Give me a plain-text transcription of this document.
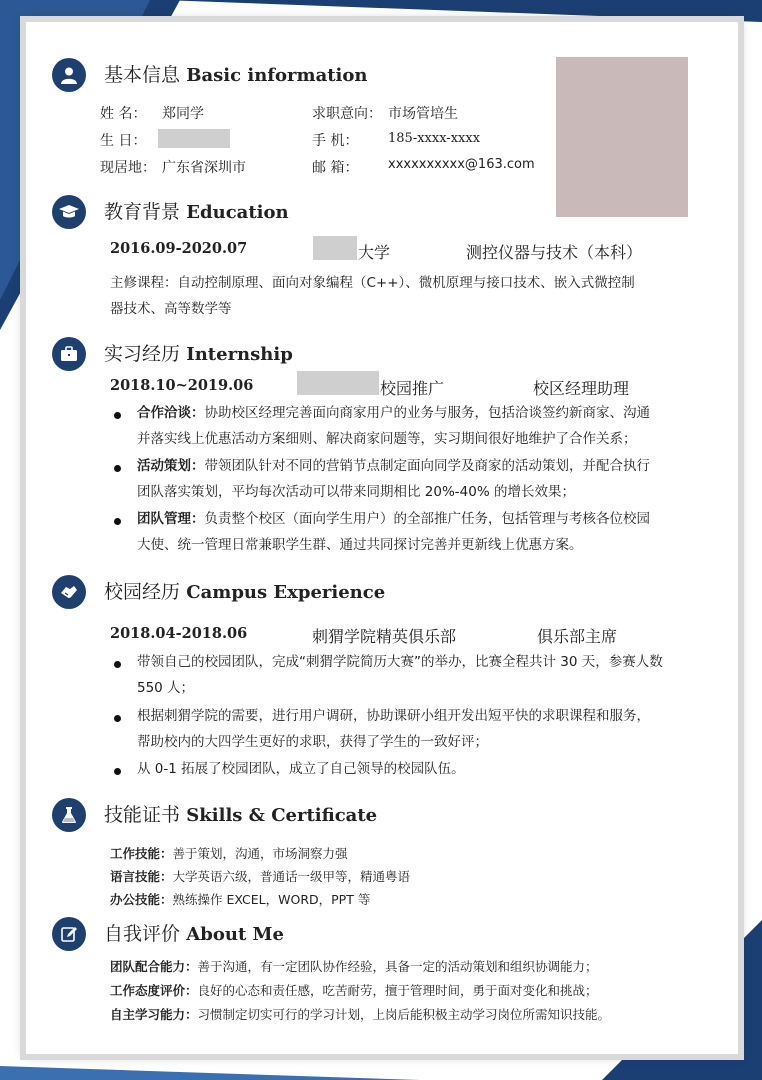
基本信息 Basic information
姓 名： 郑同学
生 日：
现居地： 广东省深圳市
求职意向： 市场管培生
手 机： 185-xxxx-xxxx
邮 箱： xxxxxxxxxx@163.com
教育背景 Education
2016.09-2020.07	大学	测控仪器与技术（本科）
主修课程：自动控制原理、面向对象编程（C++）、微机原理与接口技术、嵌入式微控制
器技术、高等数学等
实习经历 Internship
2018.10~2019.06	校园推广	校区经理助理
合作洽谈：协助校区经理完善面向商家用户的业务与服务，包括洽谈签约新商家、沟通
并落实线上优惠活动方案细则、解决商家问题等，实习期间很好地维护了合作关系；
活动策划：带领团队针对不同的营销节点制定面向同学及商家的活动策划，并配合执行
团队落实策划，平均每次活动可以带来同期相比 20%-40% 的增长效果；
团队管理：负责整个校区（面向学生用户）的全部推广任务，包括管理与考核各位校园
大使、统一管理日常兼职学生群、通过共同探讨完善并更新线上优惠方案。
校园经历 Campus Experience
2018.04-2018.06	刺猬学院精英俱乐部	俱乐部主席
带领自己的校园团队，完成“刺猬学院简历大赛”的举办，比赛全程共计 30 天，参赛人数
550 人；
根据刺猬学院的需要，进行用户调研，协助课研小组开发出短平快的求职课程和服务，
帮助校内的大四学生更好的求职，获得了学生的一致好评；
从 0-1 拓展了校园团队，成立了自己领导的校园队伍。
技能证书 Skills & Certificate
工作技能：善于策划，沟通，市场洞察力强
语言技能：大学英语六级，普通话一级甲等，精通粤语
办公技能：熟练操作 EXCEL，WORD，PPT 等
自我评价 About Me
团队配合能力：善于沟通，有一定团队协作经验，具备一定的活动策划和组织协调能力；
工作态度评价：良好的心态和责任感，吃苦耐劳，擅于管理时间，勇于面对变化和挑战；
自主学习能力：习惯制定切实可行的学习计划，上岗后能积极主动学习岗位所需知识技能。
